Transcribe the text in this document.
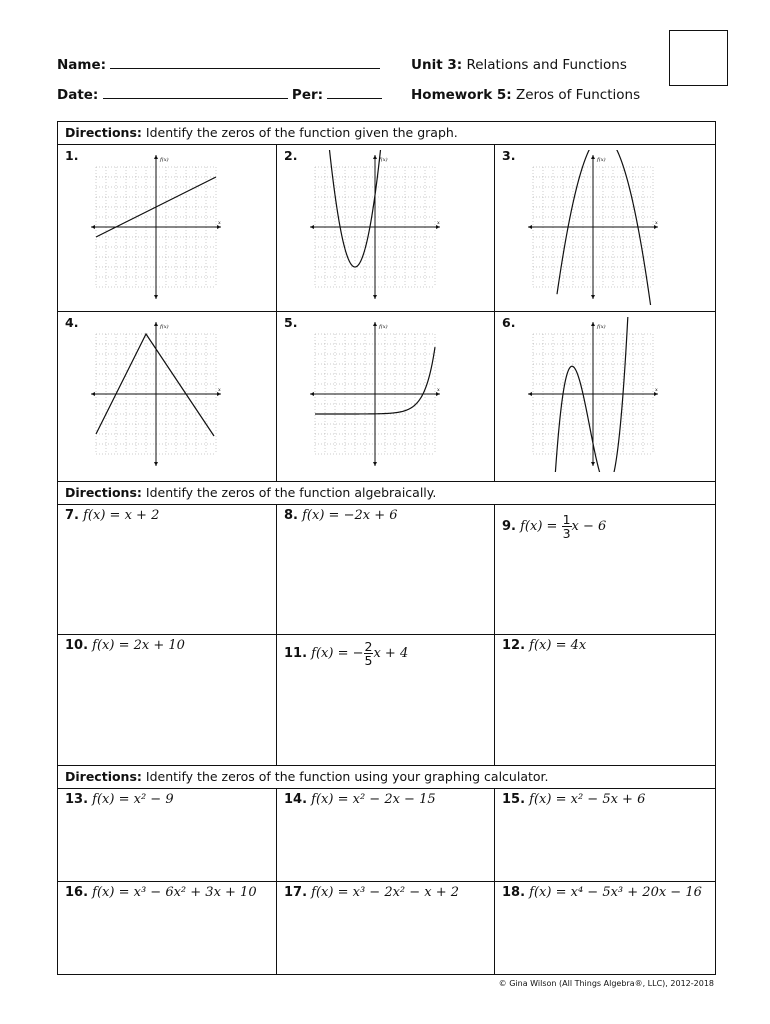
Name:
Date:	Per:
Unit 3: Relations and Functions
Homework 5: Zeros of Functions
Directions: Identify the zeros of the function given the graph.
1.	f(x)
x
2.	f(x)
x
3.	f(x)
x
4.	f(x)
x
5.	f(x)
x
6.	f(x)
x
Directions: Identify the zeros of the function algebraically.
7. f(x) = x + 2	8. f(x) = −2x + 6
9. $f(x) = \frac{1}{3}$ x − 6
10. f(x) = 2x + 10
11. f(x) = − $\frac{2}{5}$ x + 4
12. f(x) = 4x
Directions: Identify the zeros of the function using your graphing calculator.
13. f(x) = x² − 9	14. f(x) = x² − 2x − 15	15. f(x) = x² − 5x + 6
16. f(x) = x³ − 6x² + 3x + 10 17. f(x) = x³ − 2x² − x + 2	18. f(x) = x⁴ − 5x³ + 20x − 16
© Gina Wilson (All Things Algebra®, LLC), 2012-2018
